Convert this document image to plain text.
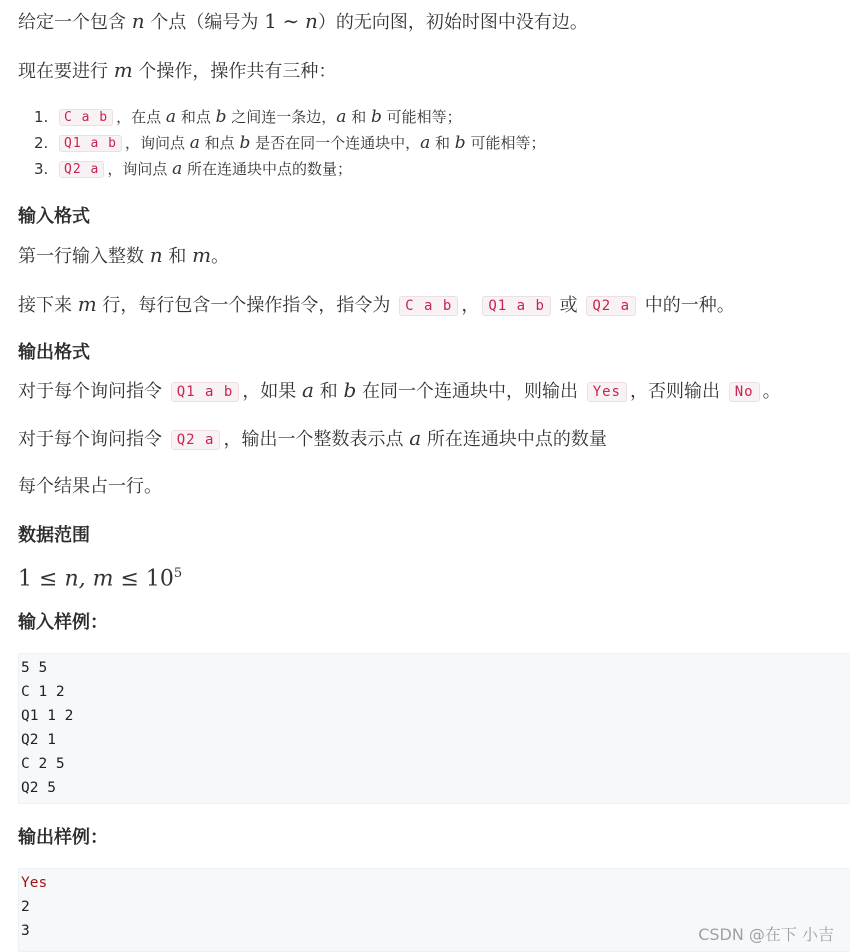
给定一个包含 n 个点（编号为 1 ∼ n）的无向图，初始时图中没有边。
现在要进行 m 个操作，操作共有三种：
1. C a b ，在点 a 和点 b 之间连一条边，a 和 b 可能相等；
2. Q1 a b ，询问点 a 和点 b 是否在同一个连通块中，a 和 b 可能相等；
3. Q2 a ，询问点 a 所在连通块中点的数量；
输入格式
第一行输入整数 n 和 m。
接下来 m 行，每行包含一个操作指令，指令为 C a b ， Q1 a b 或 Q2 a 中的一种。
输出格式
对于每个询问指令 Q1 a b ，如果 a 和 b 在同一个连通块中，则输出 Yes ，否则输出 No 。
对于每个询问指令 Q2 a ，输出一个整数表示点 a 所在连通块中点的数量
每个结果占一行。
数据范围
1 ≤ n, $m \le 10^5$
输入样例：
5 5
C 1 2
Q1 1 2
Q2 1
C 2 5
Q2 5
输出样例：
Yes
2
3	CSDN @在下 小吉
